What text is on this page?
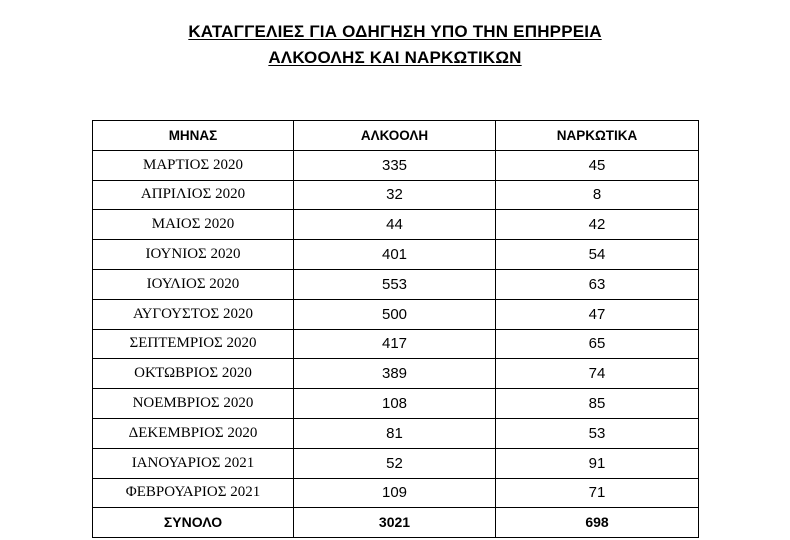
ΚΑΤΑΓΓΕΛΙΕΣ ΓΙΑ ΟΔΗΓΗΣΗ ΥΠΟ ΤΗΝ ΕΠΗΡΡΕΙΑ
ΑΛΚΟΟΛΗΣ ΚΑΙ ΝΑΡΚΩΤΙΚΩΝ
ΜΗΝΑΣ	ΑΛΚΟΟΛΗ	ΝΑΡΚΩΤΙΚΑ
ΜΑΡΤΙΟΣ 2020	335	45
ΑΠΡΙΛΙΟΣ 2020	32	8
ΜΑΙΟΣ 2020	44	42
ΙΟΥΝΙΟΣ 2020	401	54
ΙΟΥΛΙΟΣ 2020	553	63
ΑΥΓΟΥΣΤΟΣ 2020	500	47
ΣΕΠΤΕΜΡΙΟΣ 2020	417	65
ΟΚΤΩΒΡΙΟΣ 2020	389	74
ΝΟΕΜΒΡΙΟΣ 2020	108	85
ΔΕΚΕΜΒΡΙΟΣ 2020	81	53
ΙΑΝΟΥΑΡΙΟΣ 2021	52	91
ΦΕΒΡΟΥΑΡΙΟΣ 2021	109	71
ΣΥΝΟΛΟ	3021	698
